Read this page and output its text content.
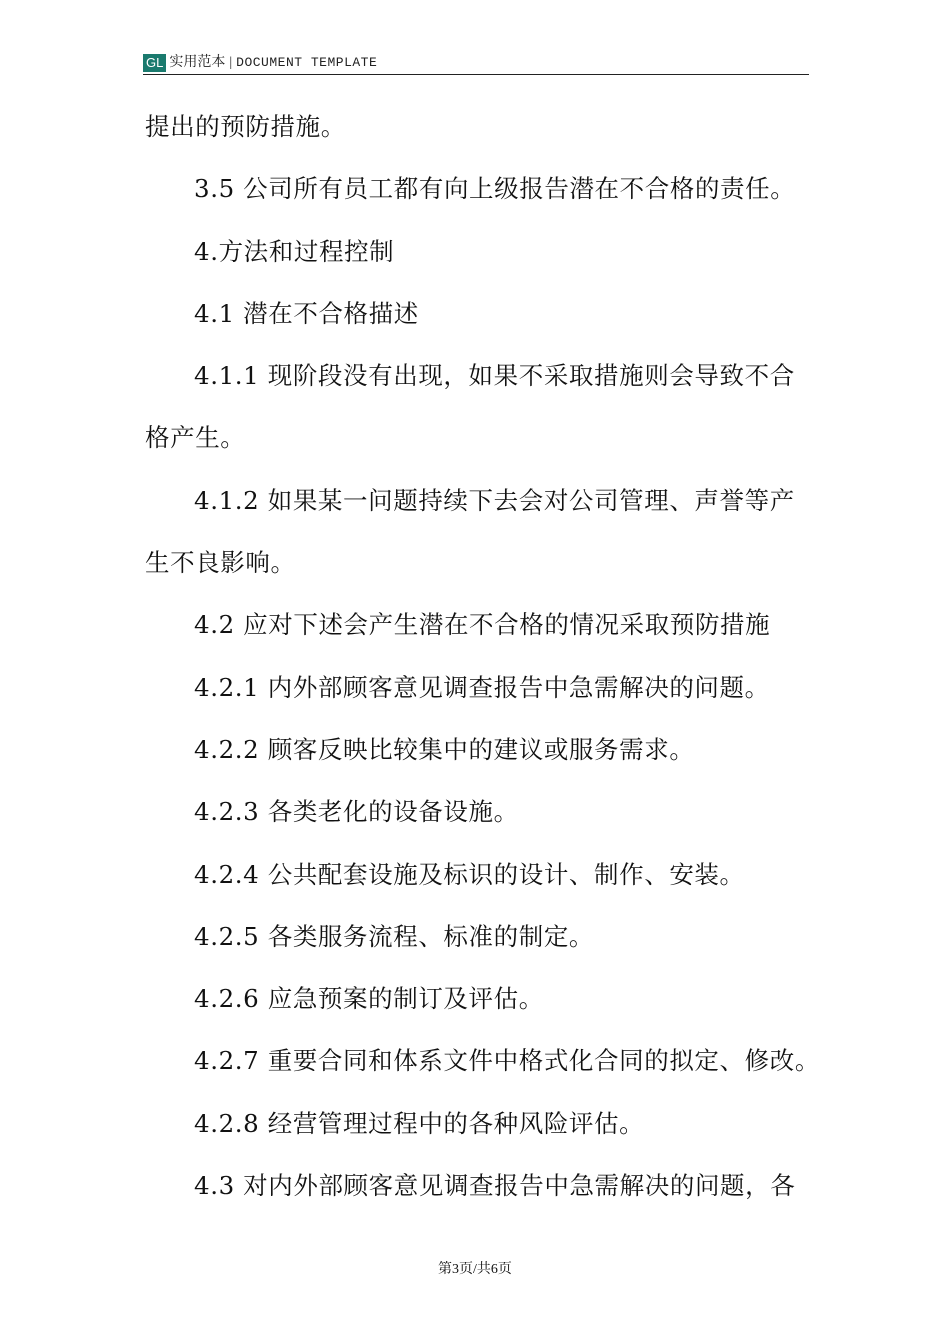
GL 实用范本 | DOCUMENT TEMPLATE
提出的预防措施。
3.5 公司所有员工都有向上级报告潜在不合格的责任。
4.方法和过程控制
4.1 潜在不合格描述
4.1.1 现阶段没有出现，如果不采取措施则会导致不合
格产生。
4.1.2 如果某一问题持续下去会对公司管理、声誉等产
生不良影响。
4.2 应对下述会产生潜在不合格的情况采取预防措施
4.2.1 内外部顾客意见调查报告中急需解决的问题。
4.2.2 顾客反映比较集中的建议或服务需求。
4.2.3 各类老化的设备设施。
4.2.4 公共配套设施及标识的设计、制作、安装。
4.2.5 各类服务流程、标准的制定。
4.2.6 应急预案的制订及评估。
4.2.7 重要合同和体系文件中格式化合同的拟定、修改。
4.2.8 经营管理过程中的各种风险评估。
4.3 对内外部顾客意见调查报告中急需解决的问题，各
第3页/共6页
